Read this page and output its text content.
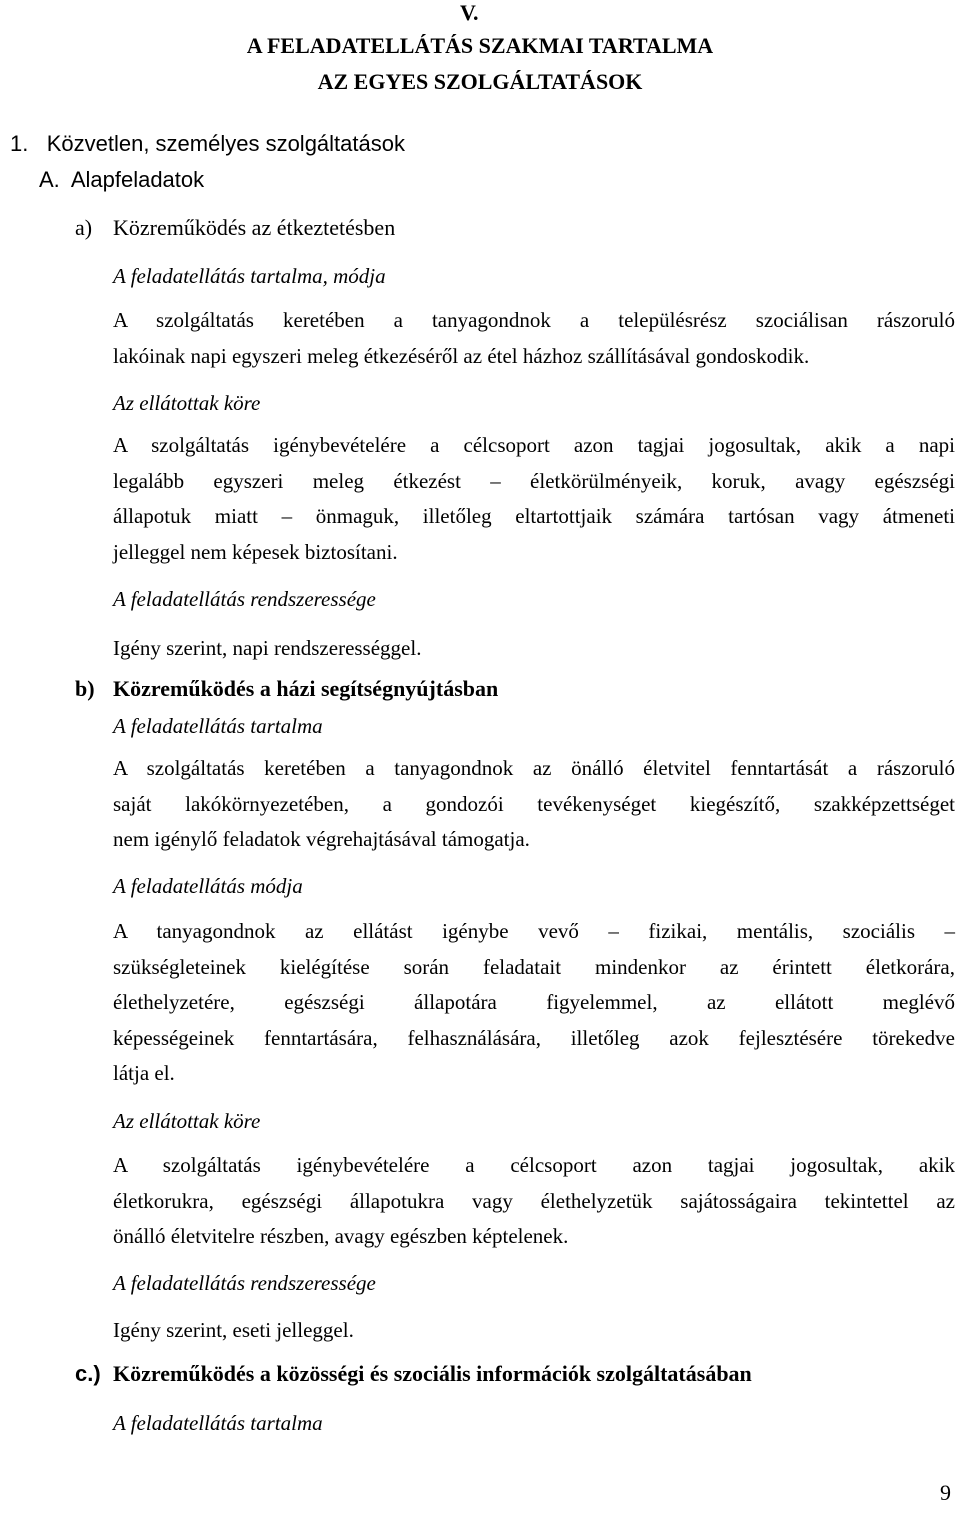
V.
A FELADATELLÁTÁS SZAKMAI TARTALMA
AZ EGYES SZOLGÁLTATÁSOK
1. Közvetlen, személyes szolgáltatások
A. Alapfeladatok
a) Közreműködés az étkeztetésben
A feladatellátás tartalma, módja
A szolgáltatás keretében a tanyagondnok a településrész szociálisan rászoruló
lakóinak napi egyszeri meleg étkezéséről az étel házhoz szállításával gondoskodik.
Az ellátottak köre
A szolgáltatás igénybevételére a célcsoport azon tagjai jogosultak, akik a napi
legalább egyszeri meleg étkezést – életkörülményeik, koruk, avagy egészségi
állapotuk miatt – önmaguk, illetőleg eltartottjaik számára tartósan vagy átmeneti
jelleggel nem képesek biztosítani.
A feladatellátás rendszeressége
Igény szerint, napi rendszerességgel.
b) Közreműködés a házi segítségnyújtásban
A feladatellátás tartalma
A szolgáltatás keretében a tanyagondnok az önálló életvitel fenntartását a rászoruló
saját lakókörnyezetében, a gondozói tevékenységet kiegészítő, szakképzettséget
nem igénylő feladatok végrehajtásával támogatja.
A feladatellátás módja
A tanyagondnok az ellátást igénybe vevő – fizikai, mentális, szociális –
szükségleteinek kielégítése során feladatait mindenkor az érintett életkorára,
élethelyzetére, egészségi állapotára figyelemmel, az ellátott meglévő
képességeinek fenntartására, felhasználására, illetőleg azok fejlesztésére törekedve
látja el.
Az ellátottak köre
A szolgáltatás igénybevételére a célcsoport azon tagjai jogosultak, akik
életkorukra, egészségi állapotukra vagy élethelyzetük sajátosságaira tekintettel az
önálló életvitelre részben, avagy egészben képtelenek.
A feladatellátás rendszeressége
Igény szerint, eseti jelleggel.
c.) Közreműködés a közösségi és szociális információk szolgáltatásában
A feladatellátás tartalma
9
